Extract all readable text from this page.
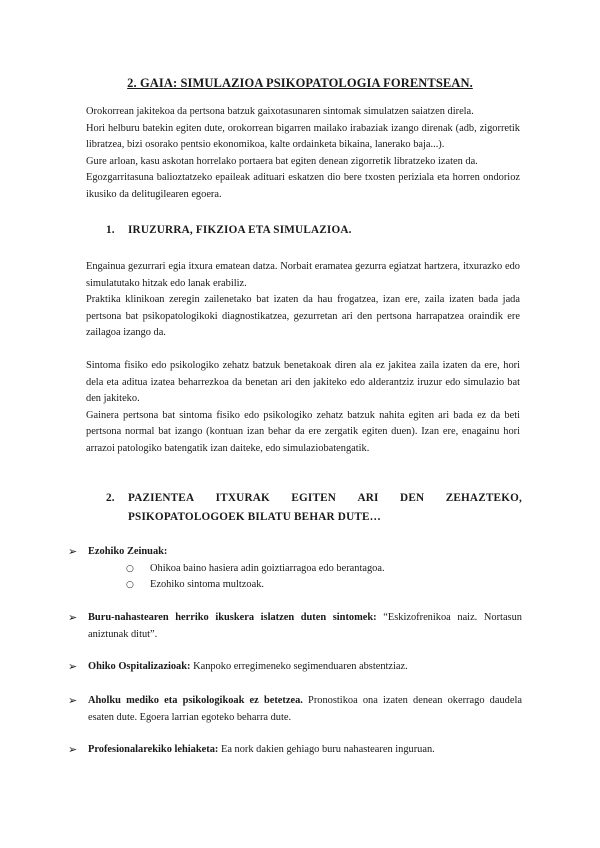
2. GAIA: SIMULAZIOA PSIKOPATOLOGIA FORENTSEAN.

Orokorrean jakitekoa da pertsona batzuk gaixotasunaren sintomak simulatzen saiatzen direla.

Hori helburu batekin egiten dute, orokorrean bigarren mailako irabaziak izango direnak (adb, zigorretik libratzea, bizi osorako pentsio ekonomikoa, kalte ordainketa bikaina, lanerako baja...).

Gure arloan, kasu askotan horrelako portaera bat egiten denean zigorretik libratzeko izaten da.

Egozgarritasuna balioztatzeko epaileak adituari eskatzen dio bere txosten periziala eta horren ondorioz ikusiko da delitugilearen egoera.

1. IRUZURRA, FIKZIOA ETA SIMULAZIOA.

Engainua gezurrari egia itxura ematean datza. Norbait eramatea gezurra egiatzat hartzera, itxurazko edo simulatutako hitzak edo lanak erabiliz.

Praktika klinikoan zeregin zailenetako bat izaten da hau frogatzea, izan ere, zaila izaten bada jada pertsona bat psikopatologikoki diagnostikatzea, gezurretan ari den pertsona harrapatzea oraindik ere zailagoa izango da.

Sintoma fisiko edo psikologiko zehatz batzuk benetakoak diren ala ez jakitea zaila izaten da ere, hori dela eta aditua izatea beharrezkoa da benetan ari den jakiteko edo alderantziz iruzur edo simulazio bat den jakiteko.

Gainera pertsona bat sintoma fisiko edo psikologiko zehatz batzuk nahita egiten ari bada ez da beti pertsona normal bat izango (kontuan izan behar da ere zergatik egiten duen). Izan ere, enagainu hori arrazoi patologiko batengatik izan daiteke, edo simulaziobatengatik.

2.	PAZIENTEA ITXURAK EGITEN ARI DEN ZEHAZTEKO,
PSIKOPATOLOGOEK BILATU BEHAR DUTE…
➢	Ezohiko Zeinuak:
○ Ohikoa baino hasiera adin goiztiarragoa edo berantagoa.
○ Ezohiko sintoma multzoak.
➢	Buru-nahastearen herriko ikuskera islatzen duten sintomek: “Eskizofrenikoa naiz. Nortasun aniztunak ditut”.
➢	Ohiko Ospitalizazioak: Kanpoko erregimeneko segimenduaren abstentziaz.
➢	Aholku mediko eta psikologikoak ez betetzea. Pronostikoa ona izaten denean okerrago daudela esaten dute. Egoera larrian egoteko beharra dute.
➢	Profesionalarekiko lehiaketa: Ea nork dakien gehiago buru nahastearen inguruan.
